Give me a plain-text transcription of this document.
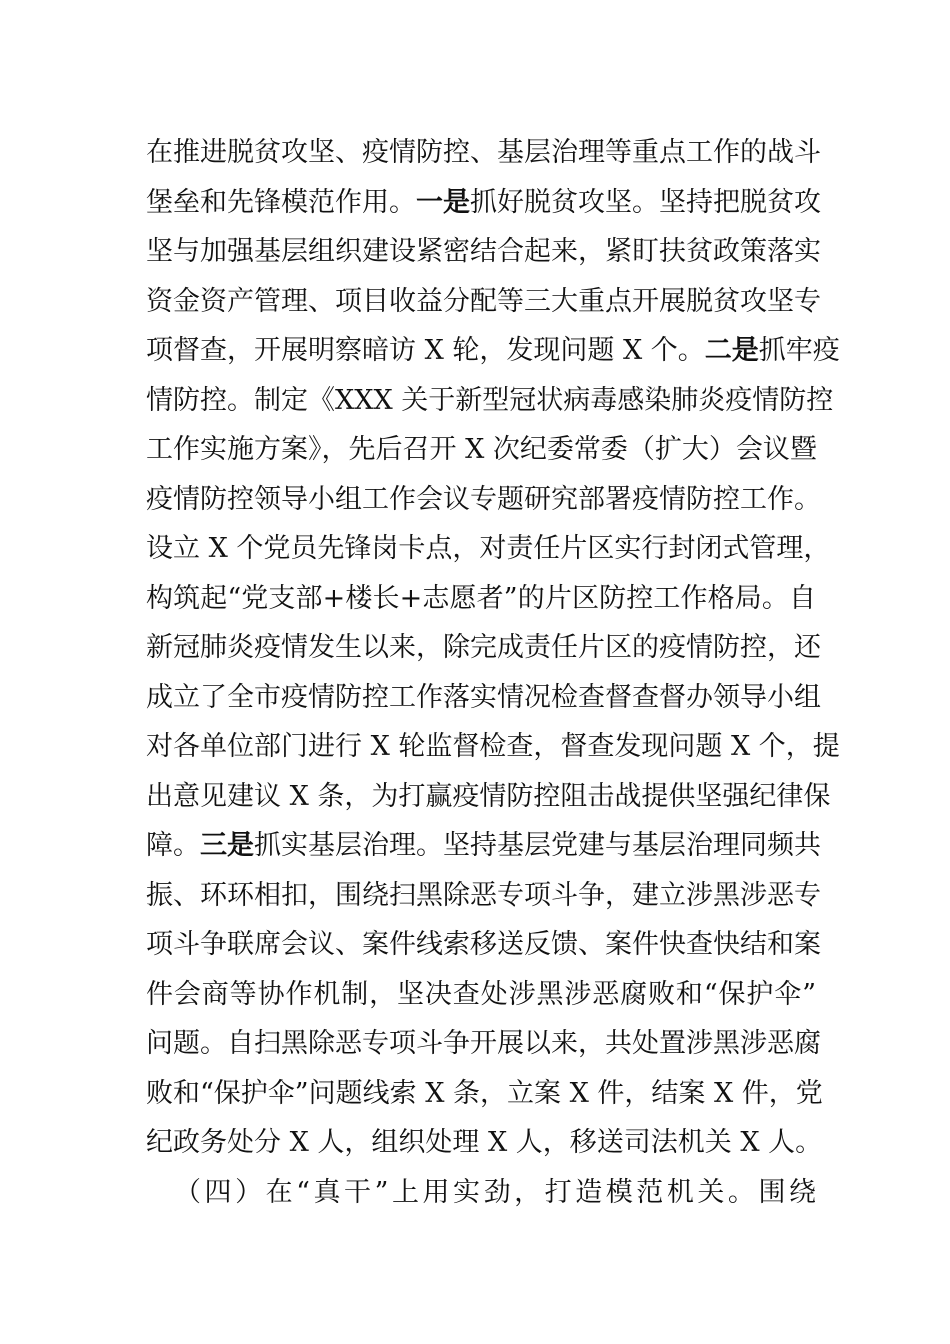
在推进脱贫攻坚、疫情防控、基层治理等重点工作的战斗
堡垒和先锋模范作用。一是抓好脱贫攻坚。坚持把脱贫攻
坚与加强基层组织建设紧密结合起来，紧盯扶贫政策落实
资金资产管理、项目收益分配等三大重点开展脱贫攻坚专
项督查，开展明察暗访 X 轮，发现问题 X 个。二是抓牢疫
情防控。制定《XXX 关于新型冠状病毒感染肺炎疫情防控
工作实施方案》，先后召开 X 次纪委常委（扩大）会议暨
疫情防控领导小组工作会议专题研究部署疫情防控工作。
设立 X 个党员先锋岗卡点，对责任片区实行封闭式管理，
构筑起“党支部+楼长+志愿者”的片区防控工作格局。自
新冠肺炎疫情发生以来，除完成责任片区的疫情防控，还
成立了全市疫情防控工作落实情况检查督查督办领导小组
对各单位部门进行 X 轮监督检查，督查发现问题 X 个，提
出意见建议 X 条，为打赢疫情防控阻击战提供坚强纪律保
障。三是抓实基层治理。坚持基层党建与基层治理同频共
振、环环相扣，围绕扫黑除恶专项斗争，建立涉黑涉恶专
项斗争联席会议、案件线索移送反馈、案件快查快结和案
件会商等协作机制，坚决查处涉黑涉恶腐败和“保护伞”
问题。自扫黑除恶专项斗争开展以来，共处置涉黑涉恶腐
败和“保护伞”问题线索 X 条，立案 X 件，结案 X 件，党
纪政务处分 X 人，组织处理 X 人，移送司法机关 X 人。
（四）在“真干”上用实劲，打造模范机关。围绕
